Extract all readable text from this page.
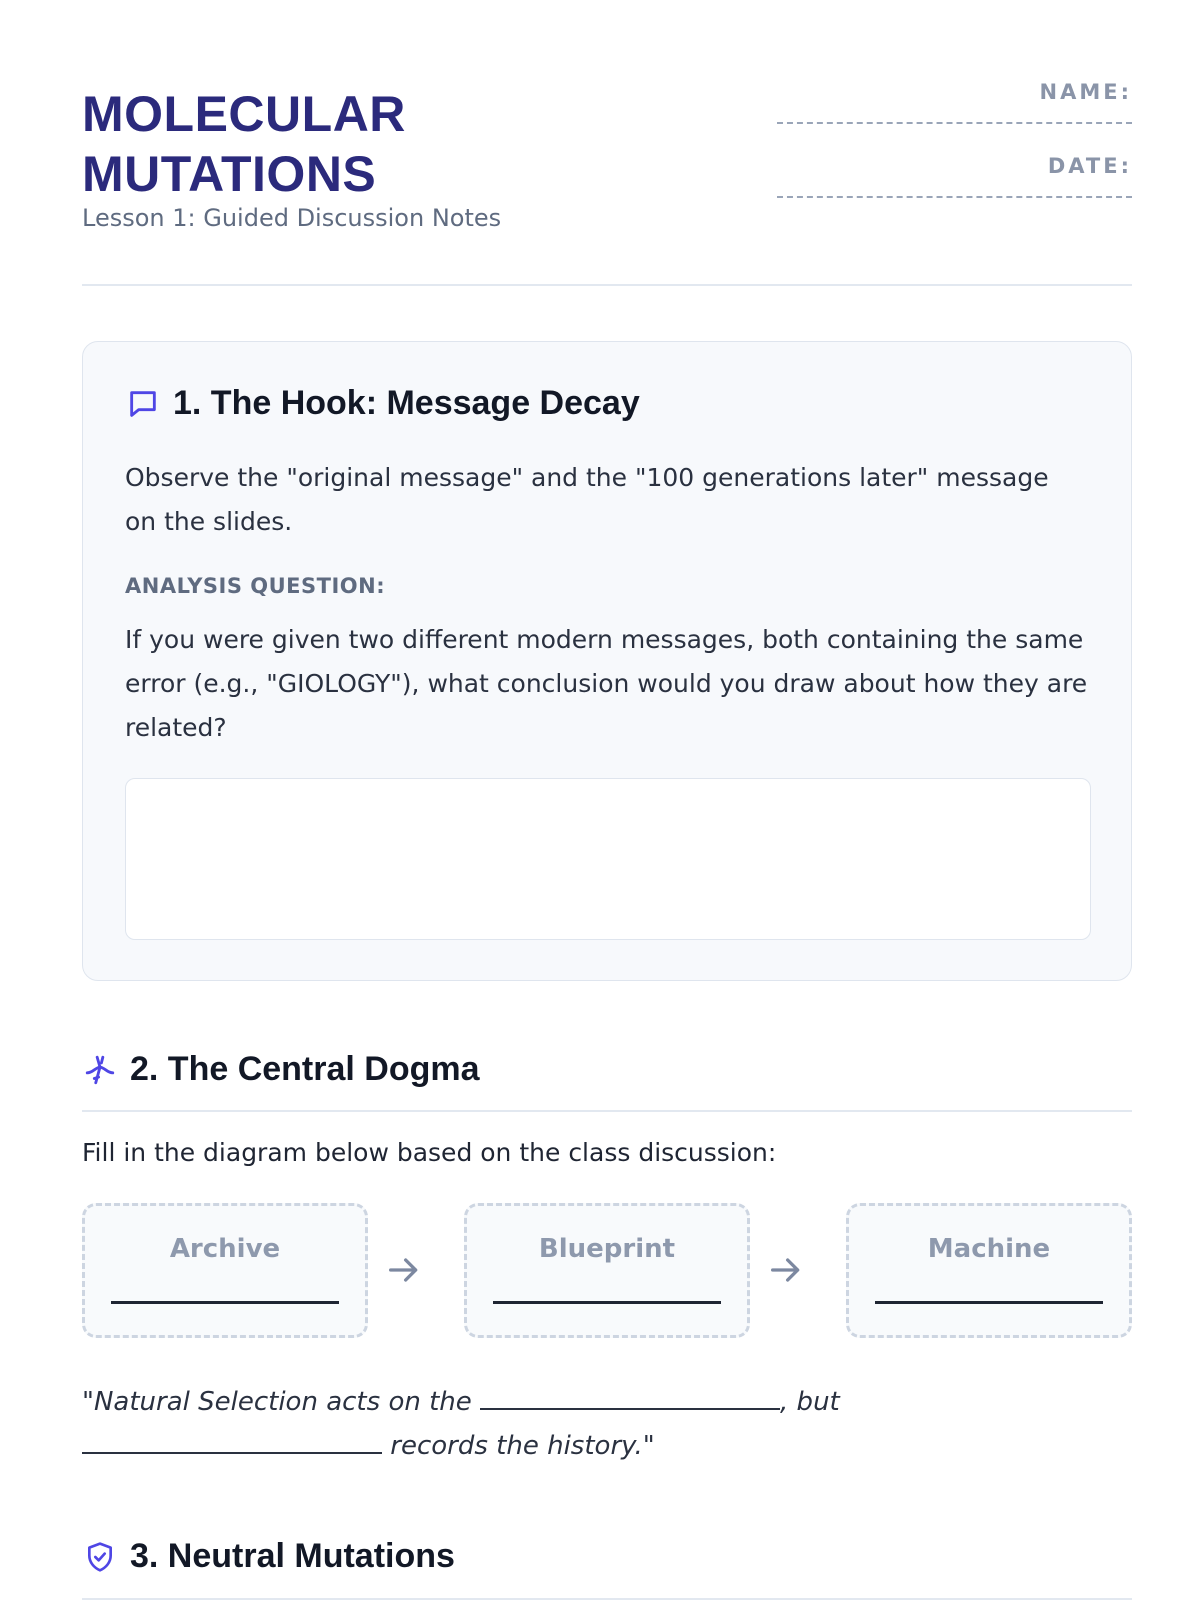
MOLECULAR
MUTATIONS
Lesson 1: Guided Discussion Notes
NAME:
DATE:
1. The Hook: Message Decay
Observe the "original message" and the "100 generations later" message on the slides.
ANALYSIS QUESTION:
If you were given two different modern messages, both containing the same error (e.g., "GIOLOGY"), what conclusion would you draw about how they are related?
2. The Central Dogma
Fill in the diagram below based on the class discussion:
Archive	Blueprint	Machine
"Natural Selection acts on the	, but
records the history."
3. Neutral Mutations
